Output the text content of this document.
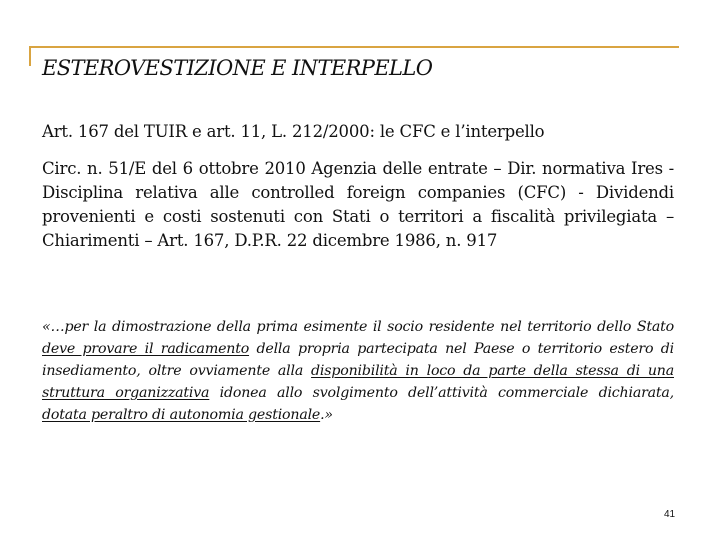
ESTEROVESTIZIONE E INTERPELLO
Art. 167 del TUIR e art. 11, L. 212/2000: le CFC e l’interpello
Circ. n. 51/E del 6 ottobre 2010 Agenzia delle entrate – Dir. normativa Ires - Disciplina relativa alle controlled foreign companies (CFC) - Dividendi provenienti e costi sostenuti con Stati o territori a fiscalità privilegiata – Chiarimenti – Art. 167, D.P.R. 22 dicembre 1986, n. 917
«…per la dimostrazione della prima esimente il socio residente nel territorio dello Stato deve provare il radicamento della propria partecipata nel Paese o territorio estero di insediamento, oltre ovviamente alla disponibilità in loco da parte della stessa di una struttura organizzativa idonea allo svolgimento dell’attività commerciale dichiarata, dotata peraltro di autonomia gestionale.»
41
